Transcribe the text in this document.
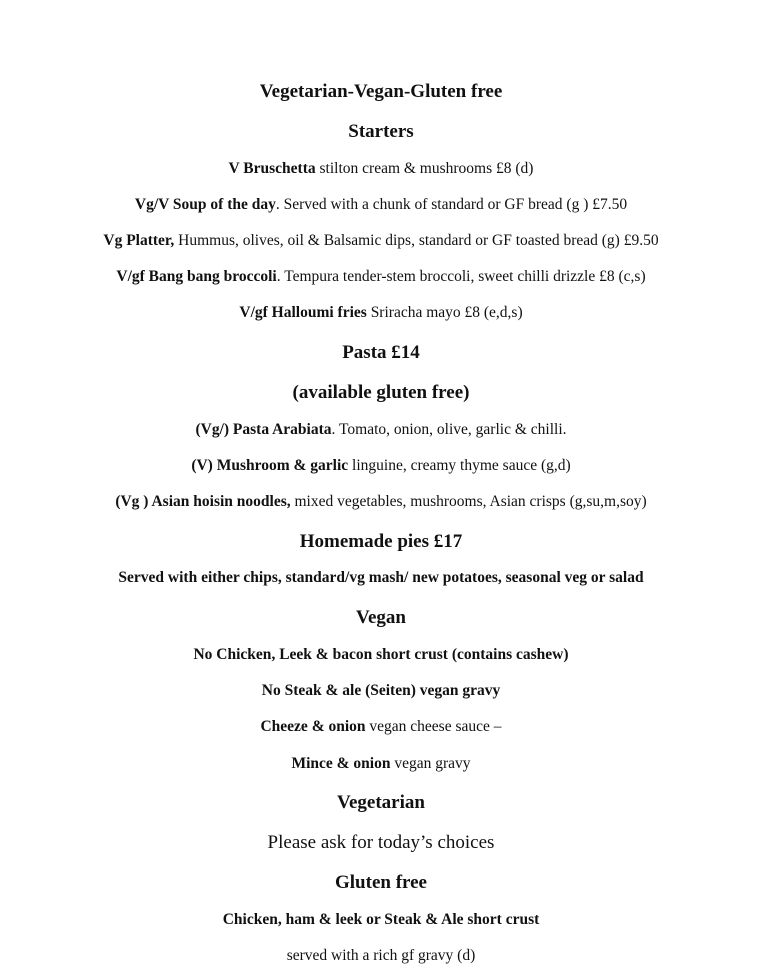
Vegetarian-Vegan-Gluten free
Starters
V Bruschetta stilton cream & mushrooms £8 (d)
Vg/V Soup of the day. Served with a chunk of standard or GF bread (g ) £7.50
Vg Platter, Hummus, olives, oil & Balsamic dips, standard or GF toasted bread (g) £9.50
V/gf Bang bang broccoli. Tempura tender-stem broccoli, sweet chilli drizzle £8 (c,s)
V/gf Halloumi fries Sriracha mayo £8 (e,d,s)
Pasta £14
(available gluten free)
(Vg/) Pasta Arabiata. Tomato, onion, olive, garlic & chilli.
(V) Mushroom & garlic linguine, creamy thyme sauce (g,d)
(Vg ) Asian hoisin noodles, mixed vegetables, mushrooms, Asian crisps (g,su,m,soy)
Homemade pies £17
Served with either chips, standard/vg mash/ new potatoes, seasonal veg or salad
Vegan
No Chicken, Leek & bacon short crust (contains cashew)
No Steak & ale (Seiten) vegan gravy
Cheeze & onion vegan cheese sauce –
Mince & onion vegan gravy
Vegetarian
Please ask for today’s choices
Gluten free
Chicken, ham & leek or Steak & Ale short crust
served with a rich gf gravy (d)
